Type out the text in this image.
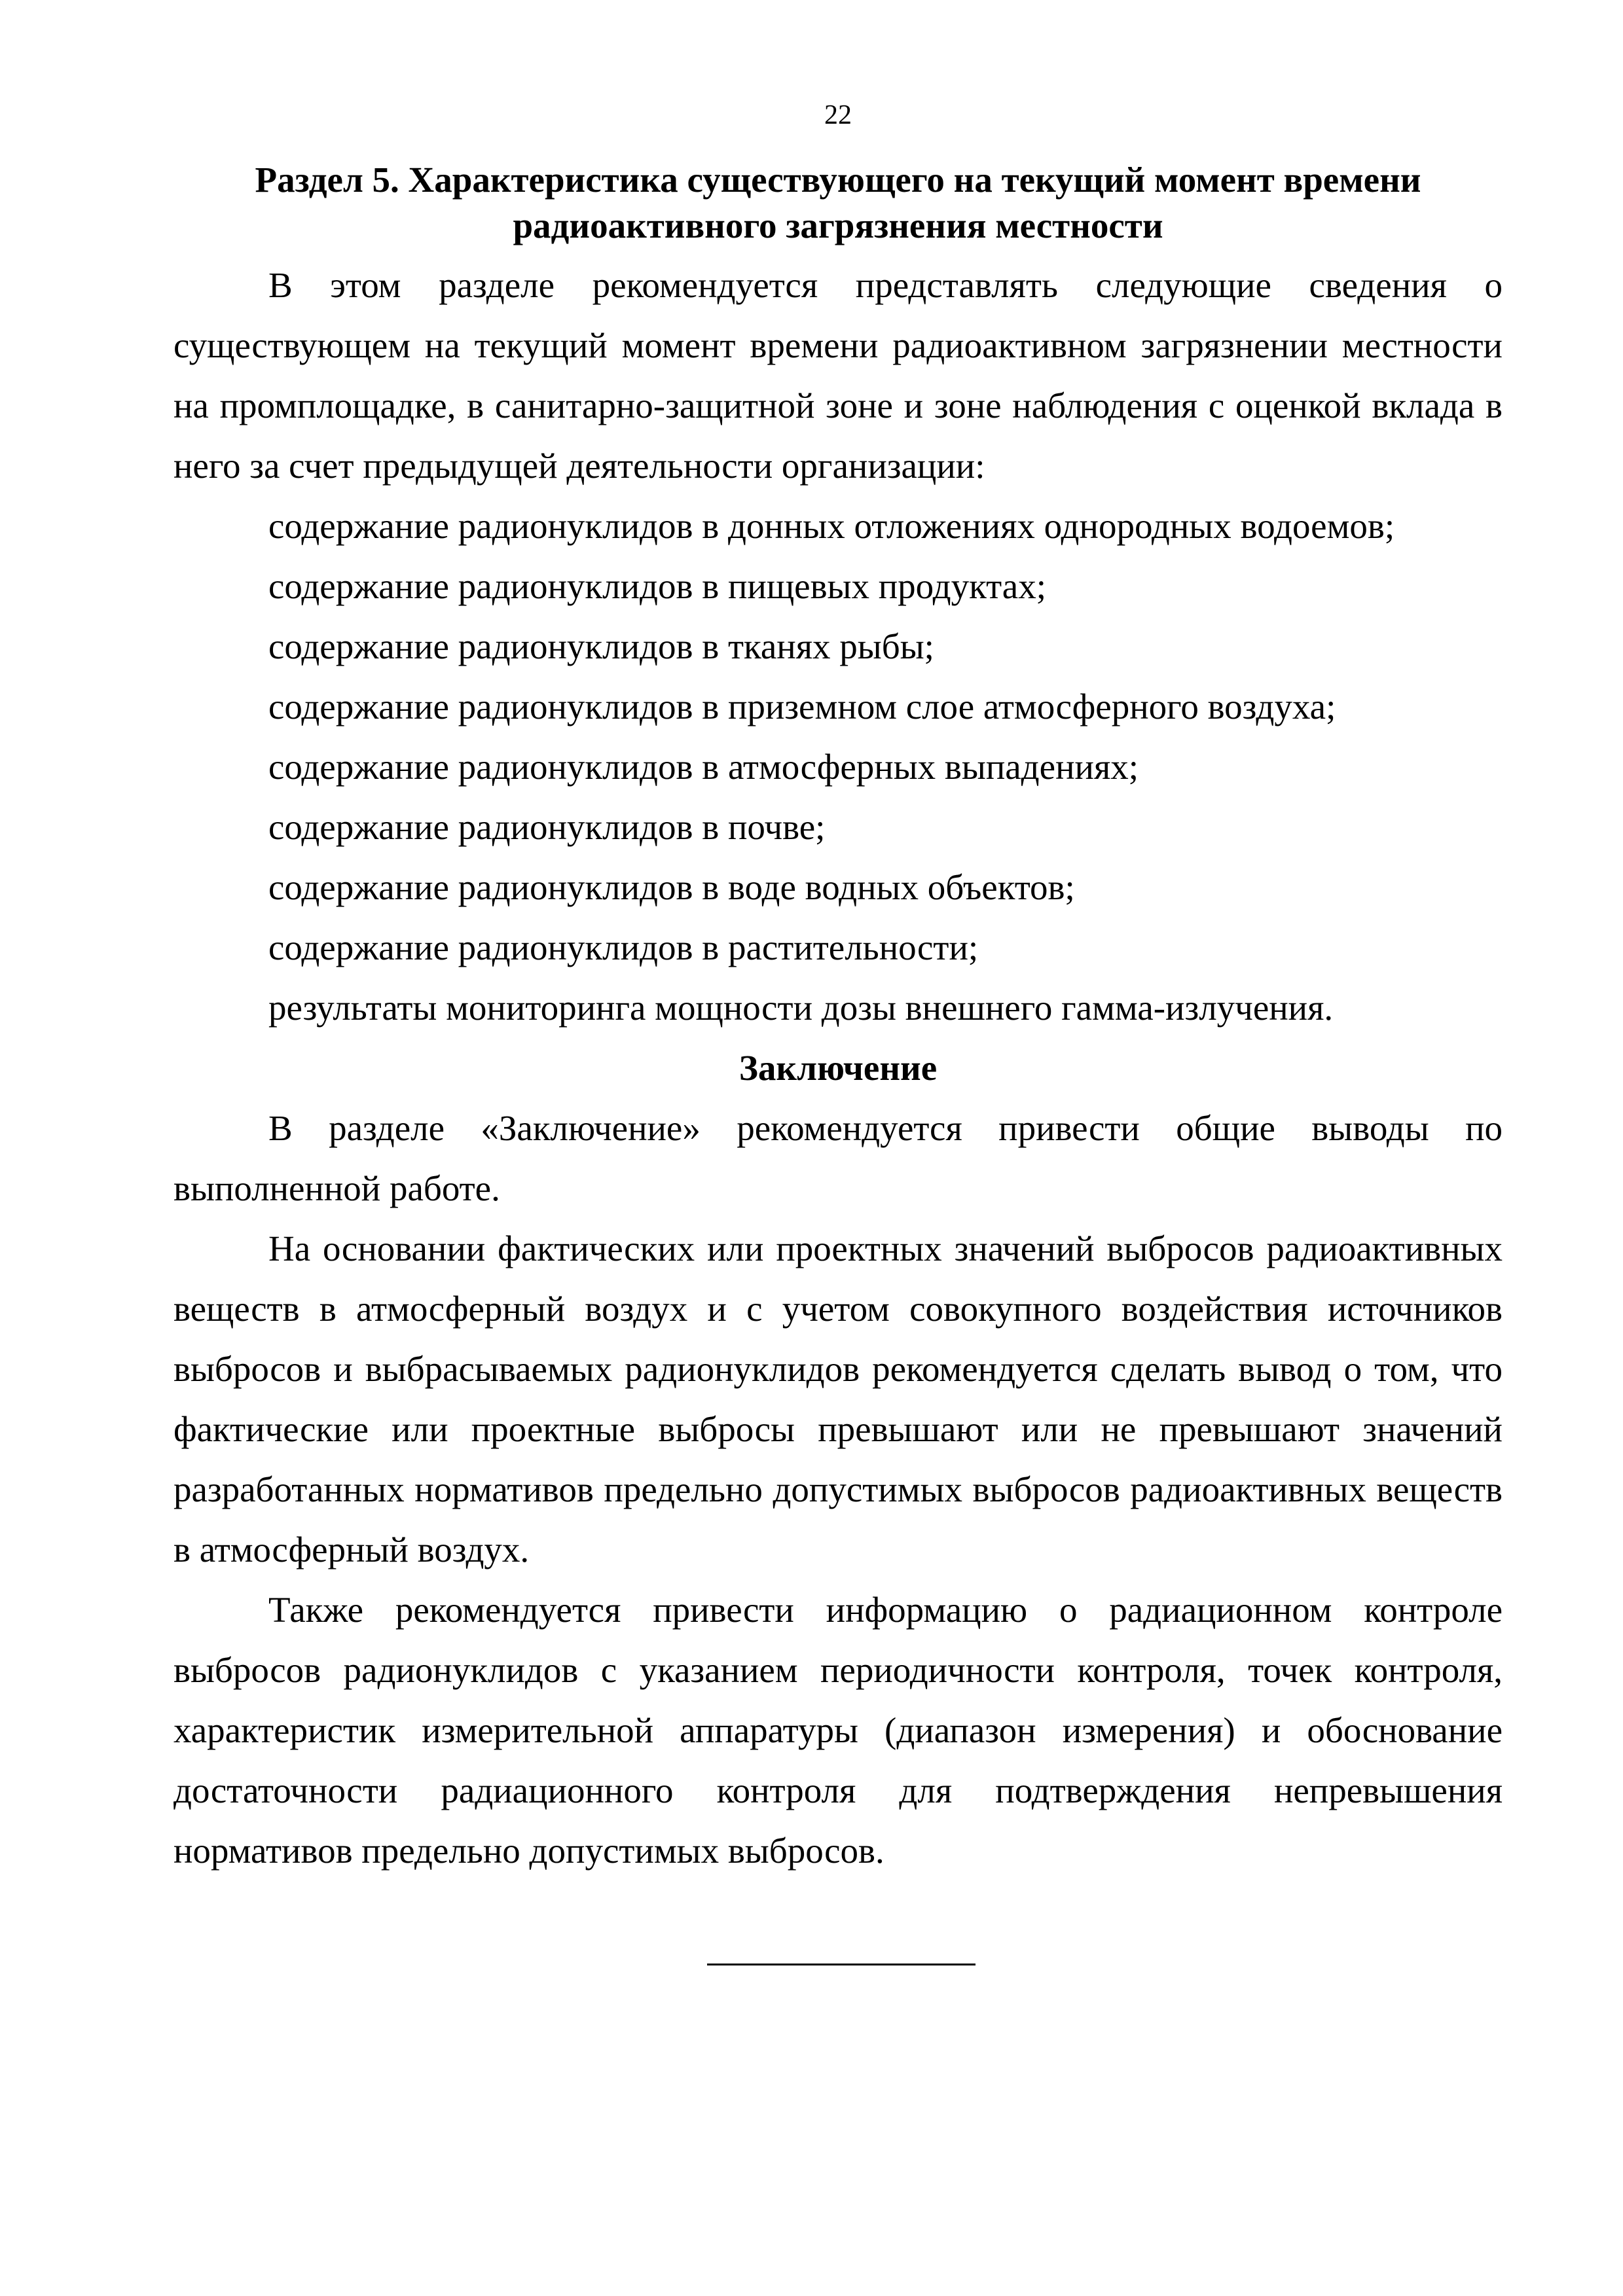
22
Раздел 5. Характеристика существующего на текущий момент времени
радиоактивного загрязнения местности

В этом разделе рекомендуется представлять следующие сведения о существующем на текущий момент времени радиоактивном загрязнении местности на промплощадке, в санитарно-защитной зоне и зоне наблюдения с оценкой вклада в него за счет предыдущей деятельности организации:

содержание радионуклидов в донных отложениях однородных водоемов;
содержание радионуклидов в пищевых продуктах;
содержание радионуклидов в тканях рыбы;
содержание радионуклидов в приземном слое атмосферного воздуха;
содержание радионуклидов в атмосферных выпадениях;
содержание радионуклидов в почве;
содержание радионуклидов в воде водных объектов;
содержание радионуклидов в растительности;
результаты мониторинга мощности дозы внешнего гамма-излучения.
Заключение

В разделе «Заключение» рекомендуется привести общие выводы по выполненной работе.

На основании фактических или проектных значений выбросов радиоактивных веществ в атмосферный воздух и с учетом совокупного воздействия источников выбросов и выбрасываемых радионуклидов рекомендуется сделать вывод о том, что фактические или проектные выбросы превышают или не превышают значений разработанных нормативов предельно допустимых выбросов радиоактивных веществ в атмосферный воздух.

Также рекомендуется привести информацию о радиационном контроле выбросов радионуклидов с указанием периодичности контроля, точек контроля, характеристик измерительной аппаратуры (диапазон измерения) и обоснование достаточности радиационного контроля для подтверждения непревышения нормативов предельно допустимых выбросов.
